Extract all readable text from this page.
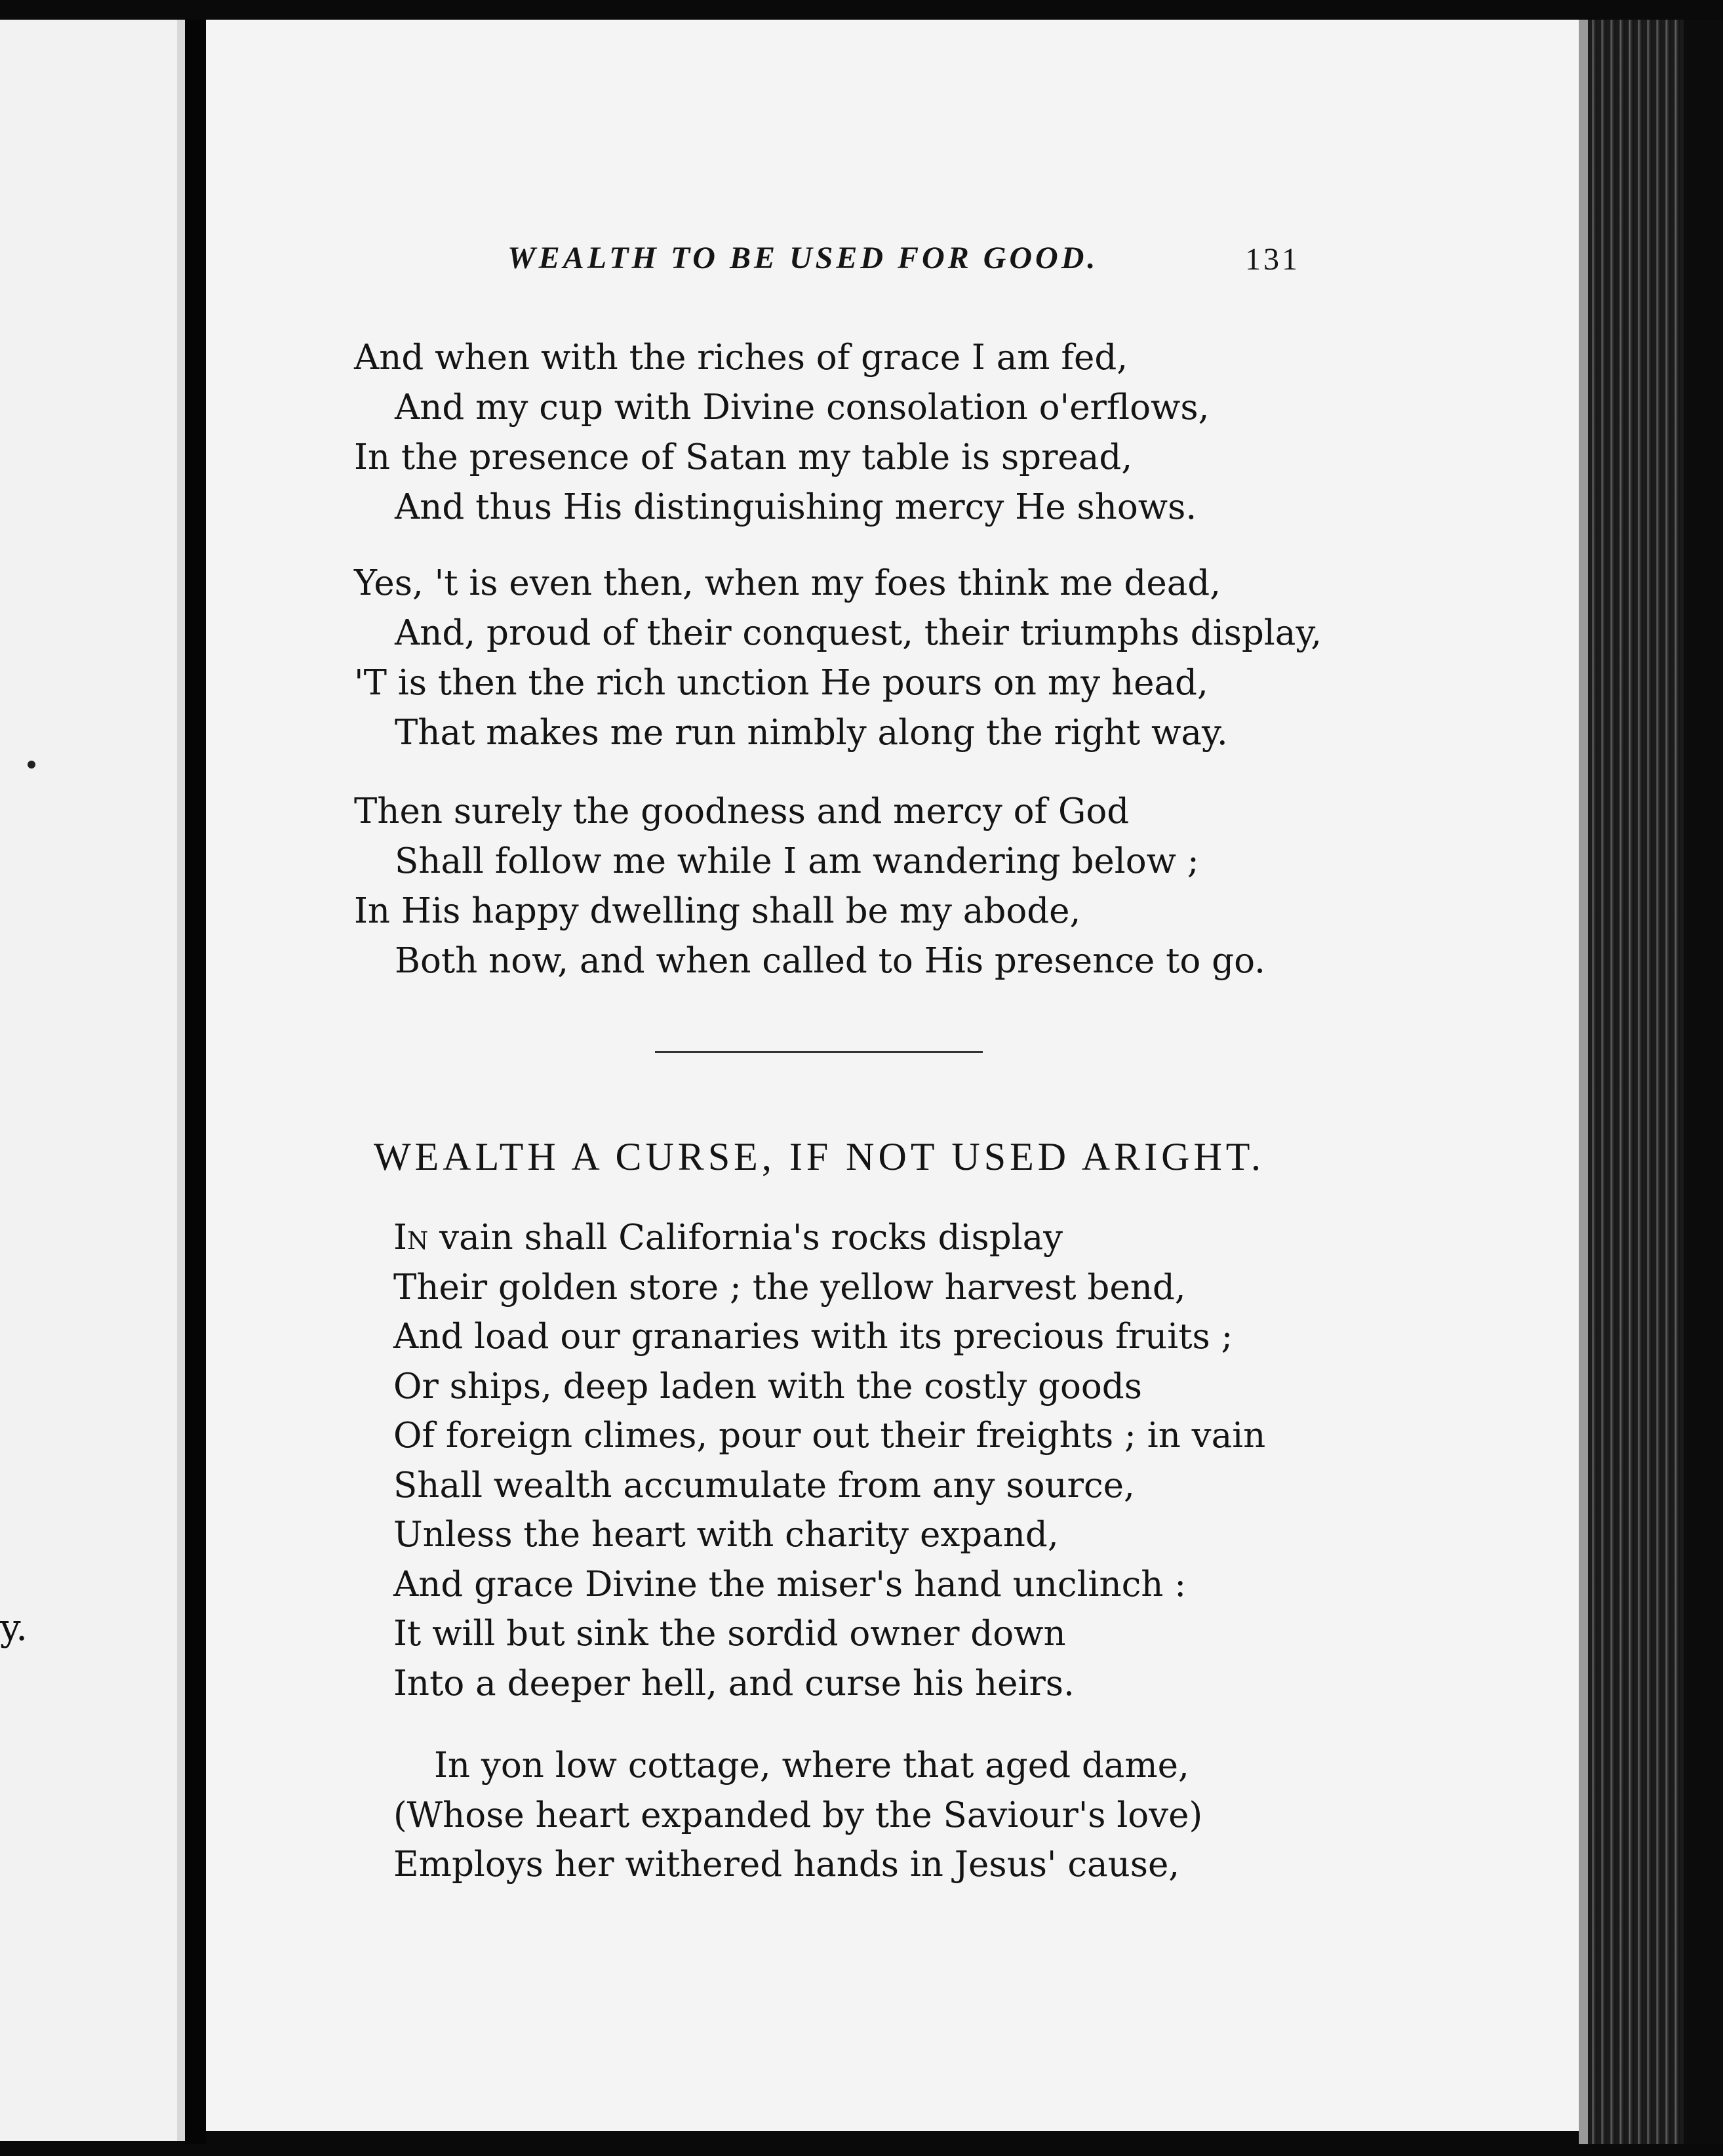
y.
WEALTH TO BE USED FOR GOOD.	131
And when with the riches of grace I am fed,
And my cup with Divine consolation o'erflows,
In the presence of Satan my table is spread,
And thus His distinguishing mercy He shows.
Yes, 't is even then, when my foes think me dead,
And, proud of their conquest, their triumphs display,
'T is then the rich unction He pours on my head,
That makes me run nimbly along the right way.
Then surely the goodness and mercy of God
Shall follow me while I am wandering below ;
In His happy dwelling shall be my abode,
Both now, and when called to His presence to go.
WEALTH A CURSE, IF NOT USED ARIGHT.
In vain shall California's rocks display
Their golden store ; the yellow harvest bend,
And load our granaries with its precious fruits ;
Or ships, deep laden with the costly goods
Of foreign climes, pour out their freights ; in vain
Shall wealth accumulate from any source,
Unless the heart with charity expand,
And grace Divine the miser's hand unclinch :
It will but sink the sordid owner down
Into a deeper hell, and curse his heirs.
In yon low cottage, where that aged dame,
(Whose heart expanded by the Saviour's love)
Employs her withered hands in Jesus' cause,
